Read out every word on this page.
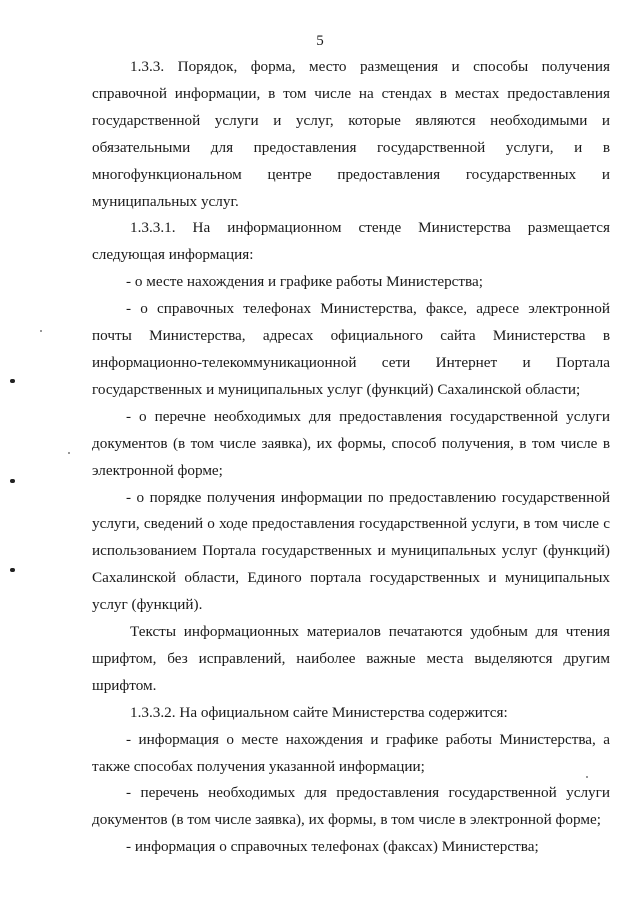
5

1.3.3. Порядок, форма, место размещения и способы получения справочной информации, в том числе на стендах в местах предоставления государственной услуги и услуг, которые являются необходимыми и обязательными для предоставления государственной услуги, и в многофункциональном центре предоставления государственных и муниципальных услуг.

1.3.3.1. На информационном стенде Министерства размещается следующая информация:

- о месте нахождения и графике работы Министерства;

- о справочных телефонах Министерства, факсе, адресе электронной почты Министерства, адресах официального сайта Министерства в информационно-телекоммуникационной сети Интернет и Портала государственных и муниципальных услуг (функций) Сахалинской области;

- о перечне необходимых для предоставления государственной услуги документов (в том числе заявка), их формы, способ получения, в том числе в электронной форме;

- о порядке получения информации по предоставлению государственной услуги, сведений о ходе предоставления государственной услуги, в том числе с использованием Портала государственных и муниципальных услуг (функций) Сахалинской области, Единого портала государственных и муниципальных услуг (функций).

Тексты информационных материалов печатаются удобным для чтения шрифтом, без исправлений, наиболее важные места выделяются другим шрифтом.

1.3.3.2. На официальном сайте Министерства содержится:

- информация о месте нахождения и графике работы Министерства, а также способах получения указанной информации;

- перечень необходимых для предоставления государственной услуги документов (в том числе заявка), их формы, в том числе в электронной форме;

- информация о справочных телефонах (факсах) Министерства;
